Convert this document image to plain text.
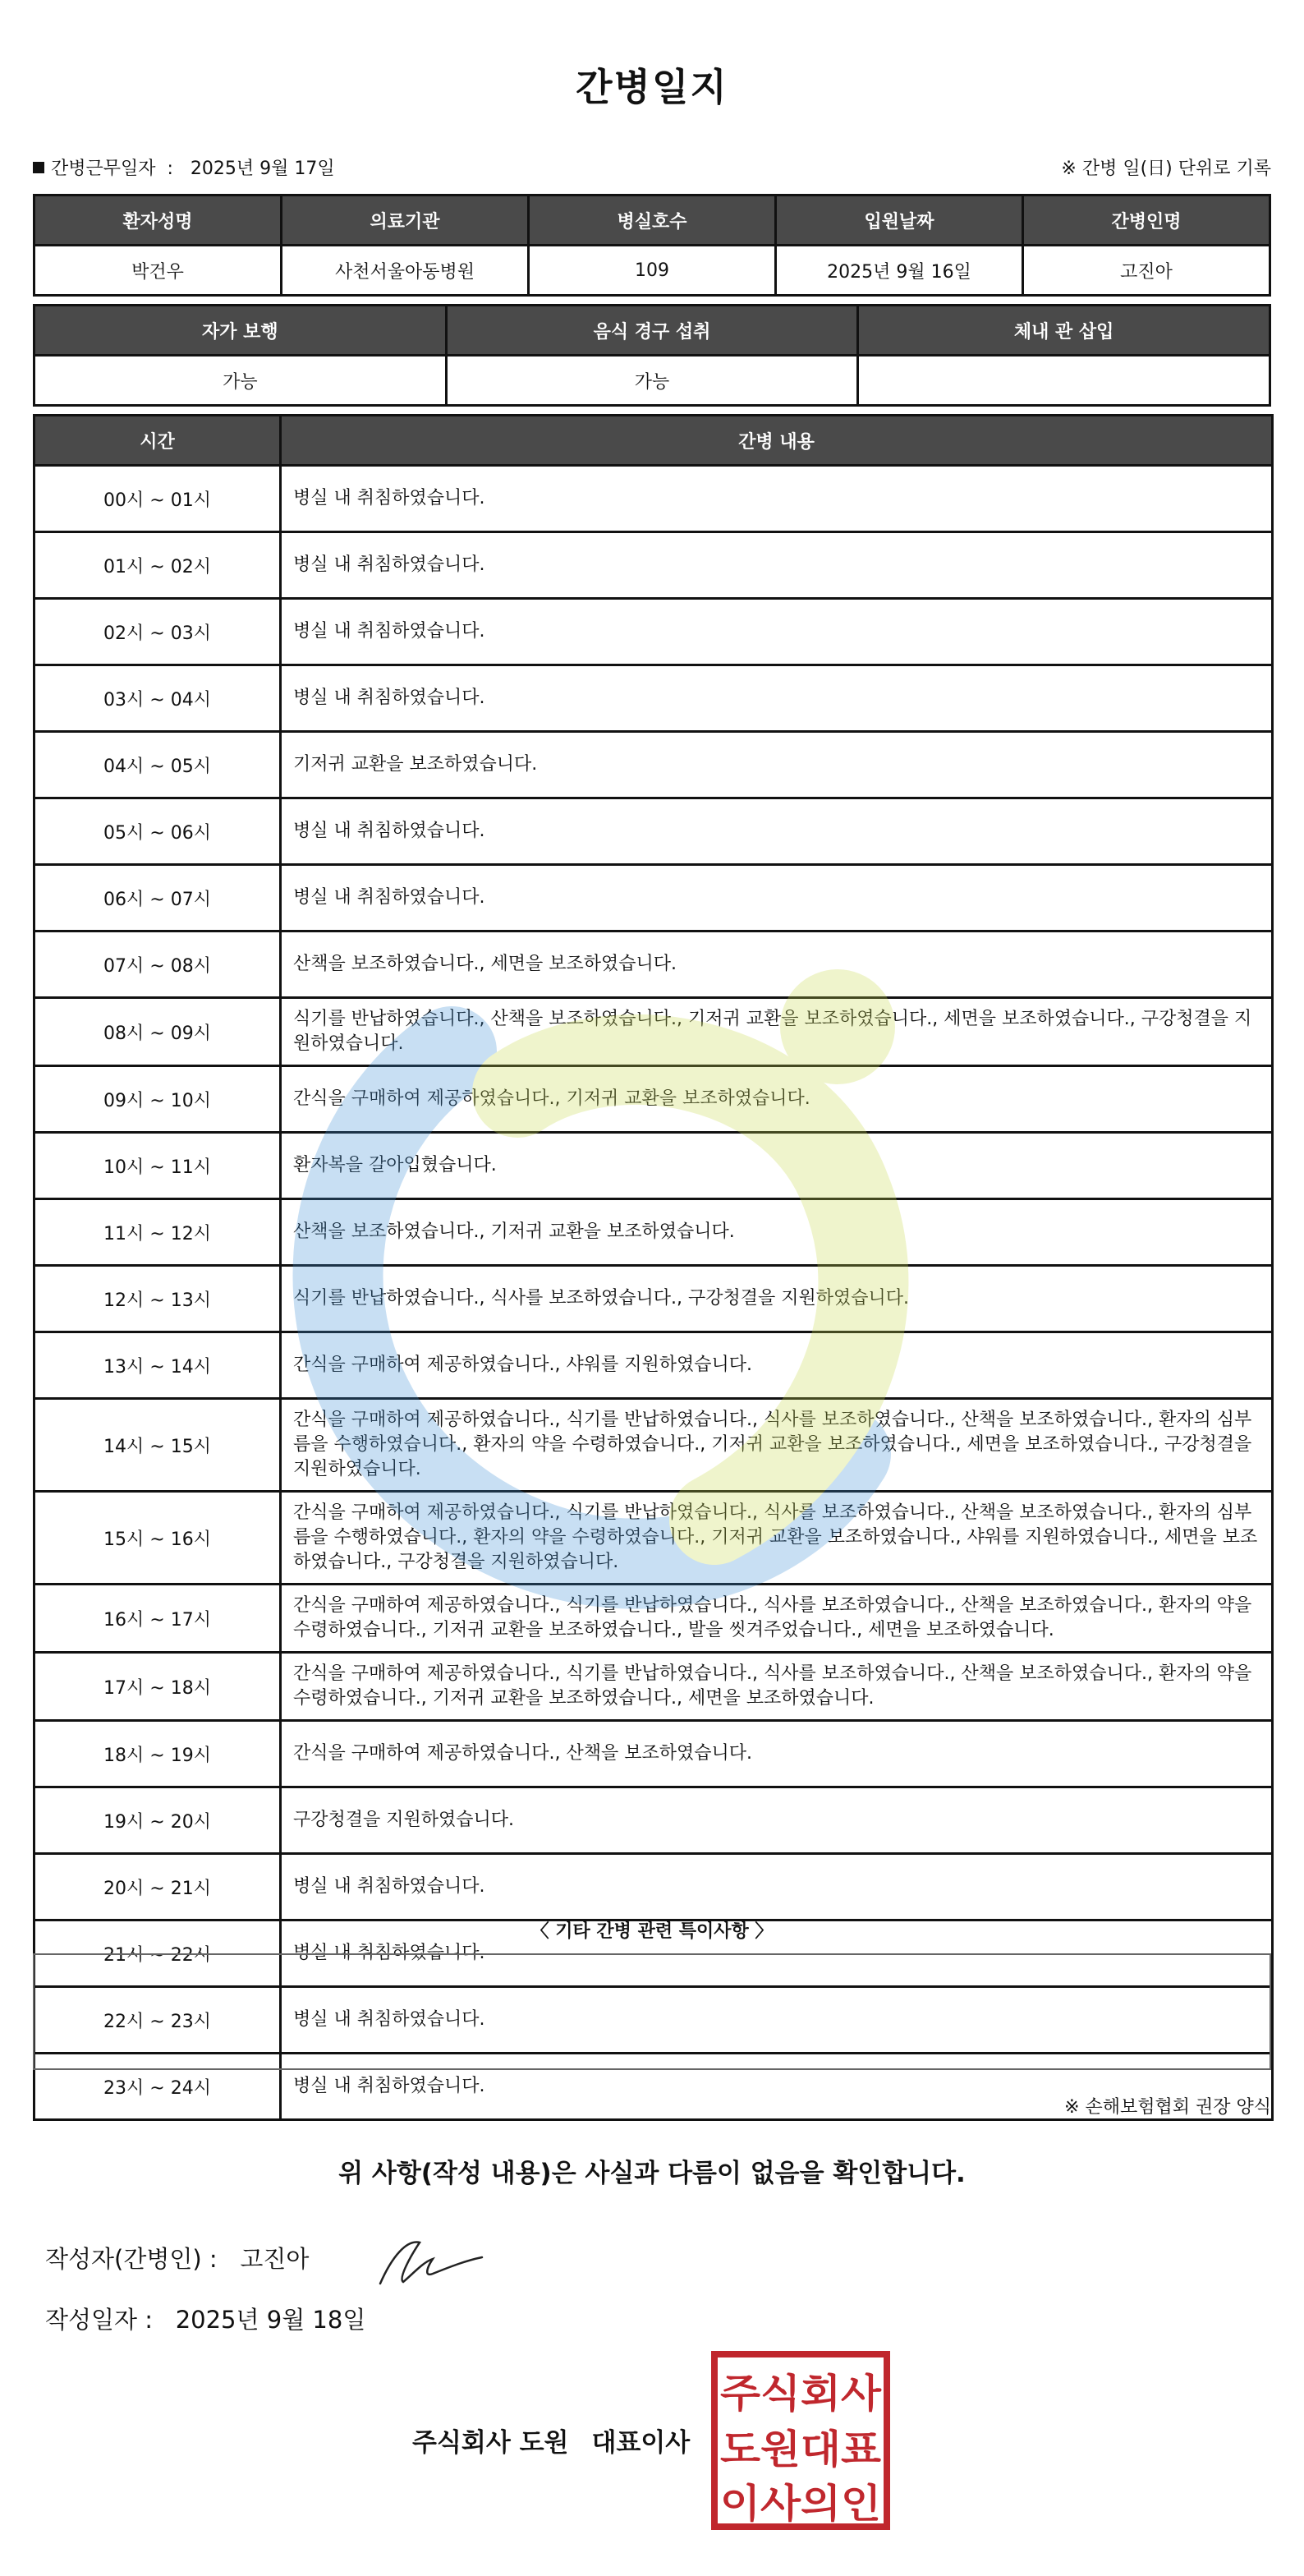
간병일지
간병근무일자 : 2025년 9월 17일	※ 간병 일(日) 단위로 기록
환자성명	의료기관	병실호수	입원날짜	간병인명
박건우	사천서울아동병원	109	2025년 9월 16일	고진아
자가 보행	음식 경구 섭취	체내 관 삽입
가능	가능	
시간	간병 내용
00시 ~ 01시	병실 내 취침하였습니다.
01시 ~ 02시	병실 내 취침하였습니다.
02시 ~ 03시	병실 내 취침하였습니다.
03시 ~ 04시	병실 내 취침하였습니다.
04시 ~ 05시	기저귀 교환을 보조하였습니다.
05시 ~ 06시	병실 내 취침하였습니다.
06시 ~ 07시	병실 내 취침하였습니다.
07시 ~ 08시	산책을 보조하였습니다., 세면을 보조하였습니다.
08시 ~ 09시	식기를 반납하였습니다., 산책을 보조하였습니다., 기저귀 교환을 보조하였습니다., 세면을 보조하였습니다., 구강청결을 지원하였습니다.
09시 ~ 10시	간식을 구매하여 제공하였습니다., 기저귀 교환을 보조하였습니다.
10시 ~ 11시	환자복을 갈아입혔습니다.
11시 ~ 12시	산책을 보조하였습니다., 기저귀 교환을 보조하였습니다.
12시 ~ 13시	식기를 반납하였습니다., 식사를 보조하였습니다., 구강청결을 지원하였습니다.
13시 ~ 14시	간식을 구매하여 제공하였습니다., 샤워를 지원하였습니다.
14시 ~ 15시	간식을 구매하여 제공하였습니다., 식기를 반납하였습니다., 식사를 보조하였습니다., 산책을 보조하였습니다., 환자의 심부름을 수행하였습니다., 환자의 약을 수령하였습니다., 기저귀 교환을 보조하였습니다., 세면을 보조하였습니다., 구강청결을 지원하였습니다.
15시 ~ 16시	간식을 구매하여 제공하였습니다., 식기를 반납하였습니다., 식사를 보조하였습니다., 산책을 보조하였습니다., 환자의 심부름을 수행하였습니다., 환자의 약을 수령하였습니다., 기저귀 교환을 보조하였습니다., 샤워를 지원하였습니다., 세면을 보조하였습니다., 구강청결을 지원하였습니다.
16시 ~ 17시	간식을 구매하여 제공하였습니다., 식기를 반납하였습니다., 식사를 보조하였습니다., 산책을 보조하였습니다., 환자의 약을 수령하였습니다., 기저귀 교환을 보조하였습니다., 발을 씻겨주었습니다., 세면을 보조하였습니다.
17시 ~ 18시	간식을 구매하여 제공하였습니다., 식기를 반납하였습니다., 식사를 보조하였습니다., 산책을 보조하였습니다., 환자의 약을 수령하였습니다., 기저귀 교환을 보조하였습니다., 세면을 보조하였습니다.
18시 ~ 19시	간식을 구매하여 제공하였습니다., 산책을 보조하였습니다.
19시 ~ 20시	구강청결을 지원하였습니다.
20시 ~ 21시	병실 내 취침하였습니다.
21시 ~ 22시	병실 내 취침하였습니다.
22시 ~ 23시	병실 내 취침하였습니다.
23시 ~ 24시	병실 내 취침하였습니다.
〈 기타 간병 관련 특이사항 〉
※ 손해보험협회 권장 양식
위 사항(작성 내용)은 사실과 다름이 없음을 확인합니다.
작성자(간병인) : 고진아
작성일자 : 2025년 9월 18일
주식회사 도원 대표이사
주식회사
도원대표
이사의인
